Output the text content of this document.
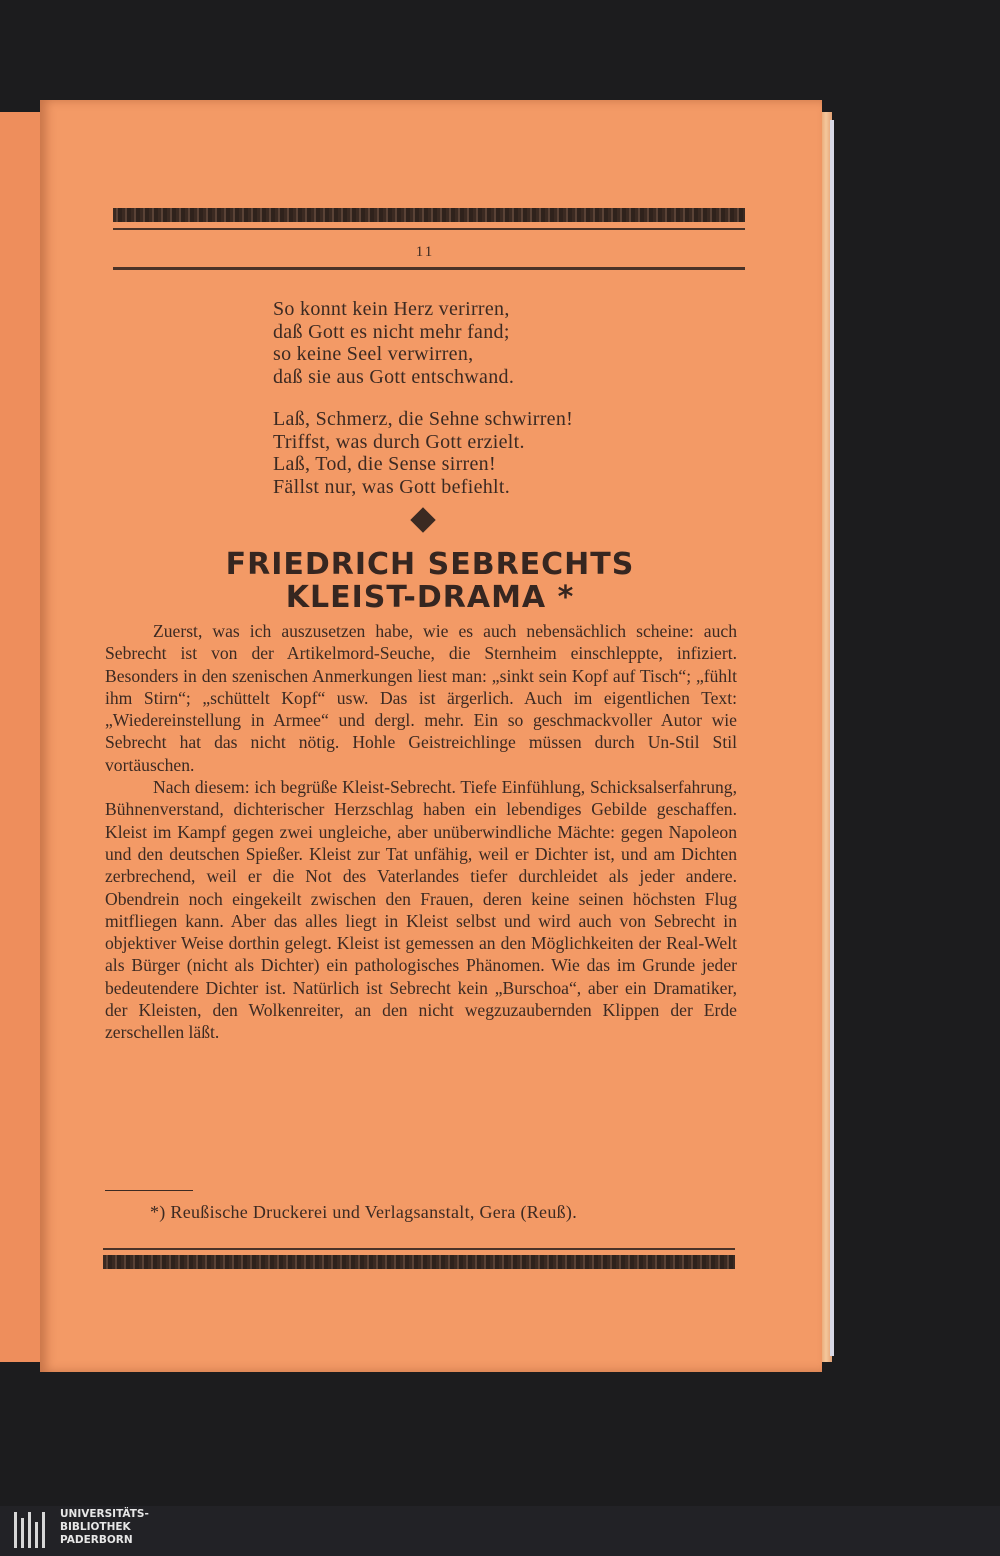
11
So konnt kein Herz verirren,
daß Gott es nicht mehr fand;
so keine Seel verwirren,
daß sie aus Gott entschwand.
Laß, Schmerz, die Sehne schwirren!
Triffst, was durch Gott erzielt.
Laß, Tod, die Sense sirren!
Fällst nur, was Gott befiehlt.
FRIEDRICH SEBRECHTS
KLEIST-DRAMA *

Zuerst, was ich auszusetzen habe, wie es auch nebensächlich scheine: auch Sebrecht ist von der Artikelmord-Seuche, die Sternheim einschleppte, infiziert. Besonders in den szenischen Anmerkungen liest man: „sinkt sein Kopf auf Tisch“; „fühlt ihm Stirn“; „schüttelt Kopf“ usw. Das ist ärgerlich. Auch im eigentlichen Text: „Wiedereinstellung in Armee“ und dergl. mehr. Ein so geschmackvoller Autor wie Sebrecht hat das nicht nötig. Hohle Geistreichlinge müssen durch Un-Stil Stil vortäuschen.

Nach diesem: ich begrüße Kleist-Sebrecht. Tiefe Einfühlung, Schicksalserfahrung, Bühnenverstand, dichterischer Herzschlag haben ein lebendiges Gebilde geschaffen. Kleist im Kampf gegen zwei ungleiche, aber unüberwindliche Mächte: gegen Napoleon und den deutschen Spießer. Kleist zur Tat unfähig, weil er Dichter ist, und am Dichten zerbrechend, weil er die Not des Vaterlandes tiefer durchleidet als jeder andere. Obendrein noch eingekeilt zwischen den Frauen, deren keine seinen höchsten Flug mitfliegen kann. Aber das alles liegt in Kleist selbst und wird auch von Sebrecht in objektiver Weise dorthin gelegt. Kleist ist gemessen an den Möglichkeiten der Real-Welt als Bürger (nicht als Dichter) ein pathologisches Phänomen. Wie das im Grunde jeder bedeutendere Dichter ist. Natürlich ist Sebrecht kein „Burschoa“, aber ein Dramatiker, der Kleisten, den Wolkenreiter, an den nicht wegzuzaubernden Klippen der Erde zerschellen läßt.

*) Reußische Druckerei und Verlagsanstalt, Gera (Reuß).
UNIVERSITÄTS-
BIBLIOTHEK
PADERBORN
